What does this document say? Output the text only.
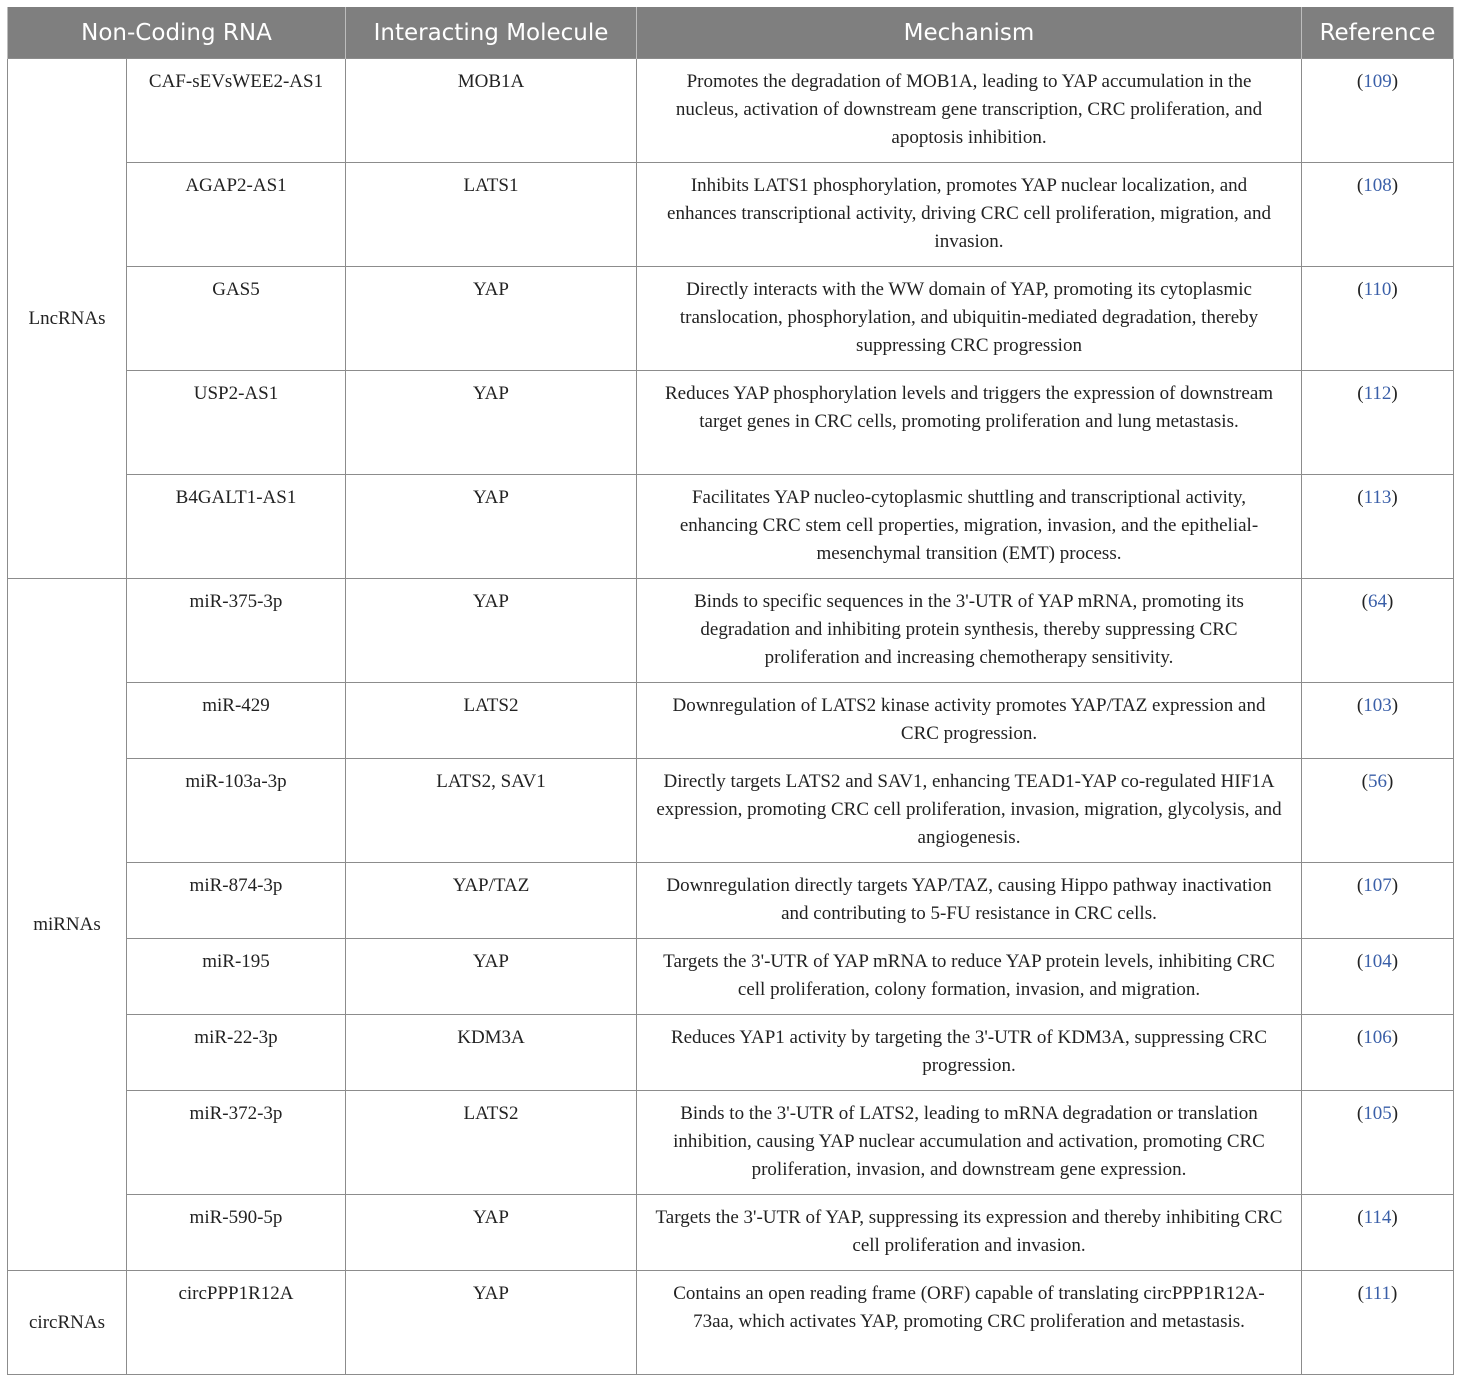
Non-Coding RNA		Interacting Molecule	Mechanism	Reference
LncRNAs	CAF-sEVsWEE2-AS1	MOB1A	Promotes the degradation of MOB1A, leading to YAP accumulation in the nucleus, activation of downstream gene transcription, CRC proliferation, and apoptosis inhibition.	(109)
	AGAP2-AS1	LATS1	Inhibits LATS1 phosphorylation, promotes YAP nuclear localization, and enhances transcriptional activity, driving CRC cell proliferation, migration, and invasion.	(108)
	GAS5	YAP	Directly interacts with the WW domain of YAP, promoting its cytoplasmic translocation, phosphorylation, and ubiquitin-mediated degradation, thereby suppressing CRC progression	(110)
	USP2-AS1	YAP	Reduces YAP phosphorylation levels and triggers the expression of downstream target genes in CRC cells, promoting proliferation and lung metastasis.	(112)
	B4GALT1-AS1	YAP	Facilitates YAP nucleo-cytoplasmic shuttling and transcriptional activity, enhancing CRC stem cell properties, migration, invasion, and the epithelial-mesenchymal transition (EMT) process.	(113)
miRNAs	miR-375-3p	YAP	Binds to specific sequences in the 3'-UTR of YAP mRNA, promoting its degradation and inhibiting protein synthesis, thereby suppressing CRC proliferation and increasing chemotherapy sensitivity.	(64)
	miR-429	LATS2	Downregulation of LATS2 kinase activity promotes YAP/TAZ expression and CRC progression.	(103)
	miR-103a-3p	LATS2, SAV1	Directly targets LATS2 and SAV1, enhancing TEAD1-YAP co-regulated HIF1A expression, promoting CRC cell proliferation, invasion, migration, glycolysis, and angiogenesis.	(56)
	miR-874-3p	YAP/TAZ	Downregulation directly targets YAP/TAZ, causing Hippo pathway inactivation and contributing to 5-FU resistance in CRC cells.	(107)
	miR-195	YAP	Targets the 3'-UTR of YAP mRNA to reduce YAP protein levels, inhibiting CRC cell proliferation, colony formation, invasion, and migration.	(104)
	miR-22-3p	KDM3A	Reduces YAP1 activity by targeting the 3'-UTR of KDM3A, suppressing CRC progression.	(106)
	miR-372-3p	LATS2	Binds to the 3'-UTR of LATS2, leading to mRNA degradation or translation inhibition, causing YAP nuclear accumulation and activation, promoting CRC proliferation, invasion, and downstream gene expression.	(105)
	miR-590-5p	YAP	Targets the 3'-UTR of YAP, suppressing its expression and thereby inhibiting CRC cell proliferation and invasion.	(114)
circRNAs	circPPP1R12A	YAP	Contains an open reading frame (ORF) capable of translating circPPP1R12A-73aa, which activates YAP, promoting CRC proliferation and metastasis.	(111)
